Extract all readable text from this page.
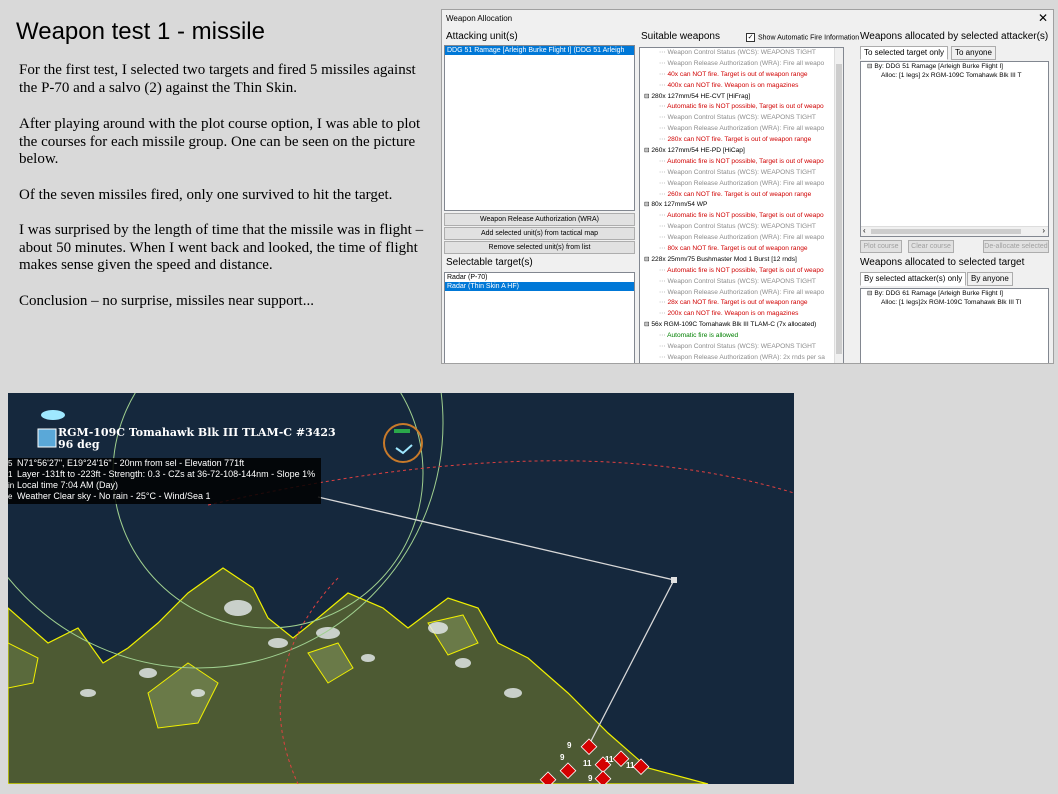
Weapon test 1 - missile

For the first test, I selected two targets and fired 5 missiles against the P-70 and a salvo (2) against the Thin Skin.

After playing around with the plot course option, I was able to plot the courses for each missile group. One can be seen on the picture below.

Of the seven missiles fired, only one survived to hit the target.

I was surprised by the length of time that the missile was in flight – about 50 minutes. When I went back and looked, the time of flight makes sense given the speed and distance.

Conclusion – no surprise, missiles near support...

Weapon Allocation	✕
Attacking unit(s)
DDG 51 Ramage [Arleigh Burke Flight I] (DDG 51 Arleigh
Weapon Release Authorization (WRA)
Add selected unit(s) from tactical map
Remove selected unit(s) from list
Selectable target(s)
Radar (P-70)
Radar (Thin Skin A HF)
Suitable weapons	✓ Show Automatic Fire Information
⋯ Weapon Control Status (WCS): WEAPONS TIGHT
⋯ Weapon Release Authorization (WRA): Fire all weapo
⋯ 40x can NOT fire. Target is out of weapon range
⋯ 400x can NOT fire. Weapon is on magazines
⊟ 280x 127mm/54 HE-CVT [HiFrag]
⋯ Automatic fire is NOT possible, Target is out of weapo
⋯ Weapon Control Status (WCS): WEAPONS TIGHT
⋯ Weapon Release Authorization (WRA): Fire all weapo
⋯ 280x can NOT fire. Target is out of weapon range
⊟ 260x 127mm/54 HE-PD [HiCap]
⋯ Automatic fire is NOT possible, Target is out of weapo
⋯ Weapon Control Status (WCS): WEAPONS TIGHT
⋯ Weapon Release Authorization (WRA): Fire all weapo
⋯ 260x can NOT fire. Target is out of weapon range
⊟ 80x 127mm/54 WP
⋯ Automatic fire is NOT possible, Target is out of weapo
⋯ Weapon Control Status (WCS): WEAPONS TIGHT
⋯ Weapon Release Authorization (WRA): Fire all weapo
⋯ 80x can NOT fire. Target is out of weapon range
⊟ 228x 25mm/75 Bushmaster Mod 1 Burst [12 rnds]
⋯ Automatic fire is NOT possible, Target is out of weapo
⋯ Weapon Control Status (WCS): WEAPONS TIGHT
⋯ Weapon Release Authorization (WRA): Fire all weapo
⋯ 28x can NOT fire. Target is out of weapon range
⋯ 200x can NOT fire. Weapon is on magazines
⊟ 56x RGM-109C Tomahawk Blk III TLAM-C (7x allocated)
⋯ Automatic fire is allowed
⋯ Weapon Control Status (WCS): WEAPONS TIGHT
⋯ Weapon Release Authorization (WRA): 2x rnds per sa
Weapons allocated by selected attacker(s)
To selected target only	To anyone
⊟ By: DDG 51 Ramage [Arleigh Burke Flight I]
Alloc: [1 legs] 2x RGM-109C Tomahawk Blk III T
‹	›
Plot course	Clear course	De-allocate selected
Weapons allocated to selected target
By selected attacker(s) only	By anyone
⊟ By: DDG 61 Ramage [Arleigh Burke Flight I]
Alloc: [1 legs]2x RGM-109C Tomahawk Blk III TI
RGM-109C Tomahawk Blk III TLAM-C #3423
96 deg
N71°56'27", E19°24'16" - 20nm from sel - Elevation 771ft
Layer -131ft to -223ft - Strength: 0.3 - CZs at 36-72-108-144nm - Slope 1%
Local time 7:04 AM (Day)
Weather Clear sky - No rain - 25°C - Wind/Sea 1
5
1
in
e
9
9
11 11
9
11
